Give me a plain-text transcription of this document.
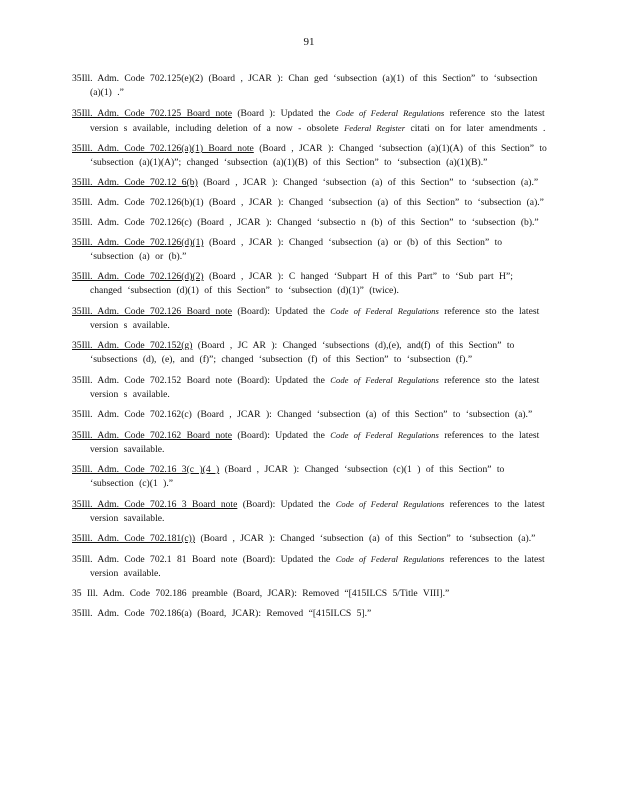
91

35Ill. Adm. Code 702.125(e)(2) (Board , JCAR ): Chan ged ‘subsection (a)(1) of this Section” to ‘subsection (a)(1) .”

35Ill. Adm. Code 702.125 Board note (Board ): Updated the Code of Federal Regulations reference sto the latest version s available, including deletion of a now - obsolete Federal Register citati on for later amendments .

35Ill. Adm. Code 702.126(a)(1) Board note (Board , JCAR ): Changed ‘subsection (a)(1)(A) of this Section” to ‘subsection (a)(1)(A)”; changed ‘subsection (a)(1)(B) of this Section” to ‘subsection (a)(1)(B).”

35Ill. Adm. Code 702.12 6(b) (Board , JCAR ): Changed ‘subsection (a) of this Section” to ‘subsection (a).”

35Ill. Adm. Code 702.126(b)(1) (Board , JCAR ): Changed ‘subsection (a) of this Section” to ‘subsection (a).”

35Ill. Adm. Code 702.126(c) (Board , JCAR ): Changed ‘subsectio n (b) of this Section” to ‘subsection (b).”

35Ill. Adm. Code 702.126(d)(1) (Board , JCAR ): Changed ‘subsection (a) or (b) of this Section” to ‘subsection (a) or (b).”

35Ill. Adm. Code 702.126(d)(2) (Board , JCAR ): C hanged ‘Subpart H of this Part” to ‘Sub part H”; changed ‘subsection (d)(1) of this Section” to ‘subsection (d)(1)” (twice).

35Ill. Adm. Code 702.126 Board note (Board): Updated the Code of Federal Regulations reference sto the latest version s available.

35Ill. Adm. Code 702.152(g) (Board , JC AR ): Changed ‘subsections (d),(e), and(f) of this Section” to ‘subsections (d), (e), and (f)”; changed ‘subsection (f) of this Section” to ‘subsection (f).”

35Ill. Adm. Code 702.152 Board note (Board): Updated the Code of Federal Regulations reference sto the latest version s available.

35Ill. Adm. Code 702.162(c) (Board , JCAR ): Changed ‘subsection (a) of this Section” to ‘subsection (a).”

35Ill. Adm. Code 702.162 Board note (Board): Updated the Code of Federal Regulations references to the latest version savailable.

35Ill. Adm. Code 702.16 3(c )(4 ) (Board , JCAR ): Changed ‘subsection (c)(1 ) of this Section” to ‘subsection (c)(1 ).”

35Ill. Adm. Code 702.16 3 Board note (Board): Updated the Code of Federal Regulations references to the latest version savailable.

35Ill. Adm. Code 702.181(c)) (Board , JCAR ): Changed ‘subsection (a) of this Section” to ‘subsection (a).”

35Ill. Adm. Code 702.1 81 Board note (Board): Updated the Code of Federal Regulations references to the latest version available.

35 Ill. Adm. Code 702.186 preamble (Board, JCAR): Removed “[415ILCS 5/Title VIII].”

35Ill. Adm. Code 702.186(a) (Board, JCAR): Removed “[415ILCS 5].”
